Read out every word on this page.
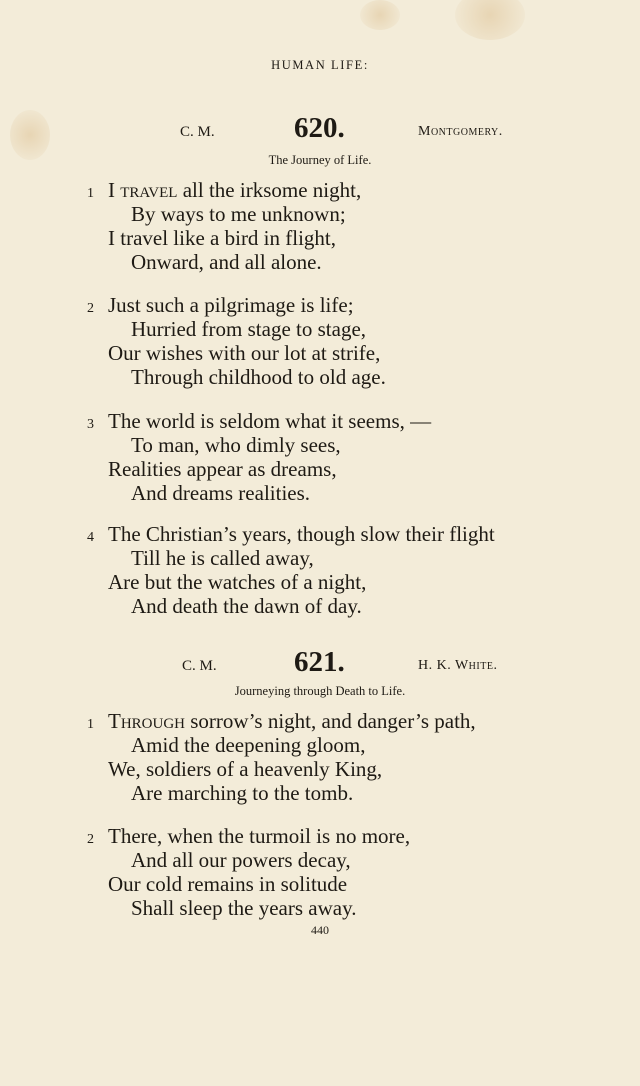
HUMAN LIFE:
C. M.	620.	Montgomery.
The Journey of Life.
1 I travel all the irksome night,
By ways to me unknown;
I travel like a bird in flight,
Onward, and all alone.
2 Just such a pilgrimage is life;
Hurried from stage to stage,
Our wishes with our lot at strife,
Through childhood to old age.
3 The world is seldom what it seems, —
To man, who dimly sees,
Realities appear as dreams,
And dreams realities.
4 The Christian’s years, though slow their flight
Till he is called away,
Are but the watches of a night,
And death the dawn of day.
C. M.	621.	H. K. White.
Journeying through Death to Life.
1 Through sorrow’s night, and danger’s path,
Amid the deepening gloom,
We, soldiers of a heavenly King,
Are marching to the tomb.
2 There, when the turmoil is no more,
And all our powers decay,
Our cold remains in solitude
Shall sleep the years away.
440
